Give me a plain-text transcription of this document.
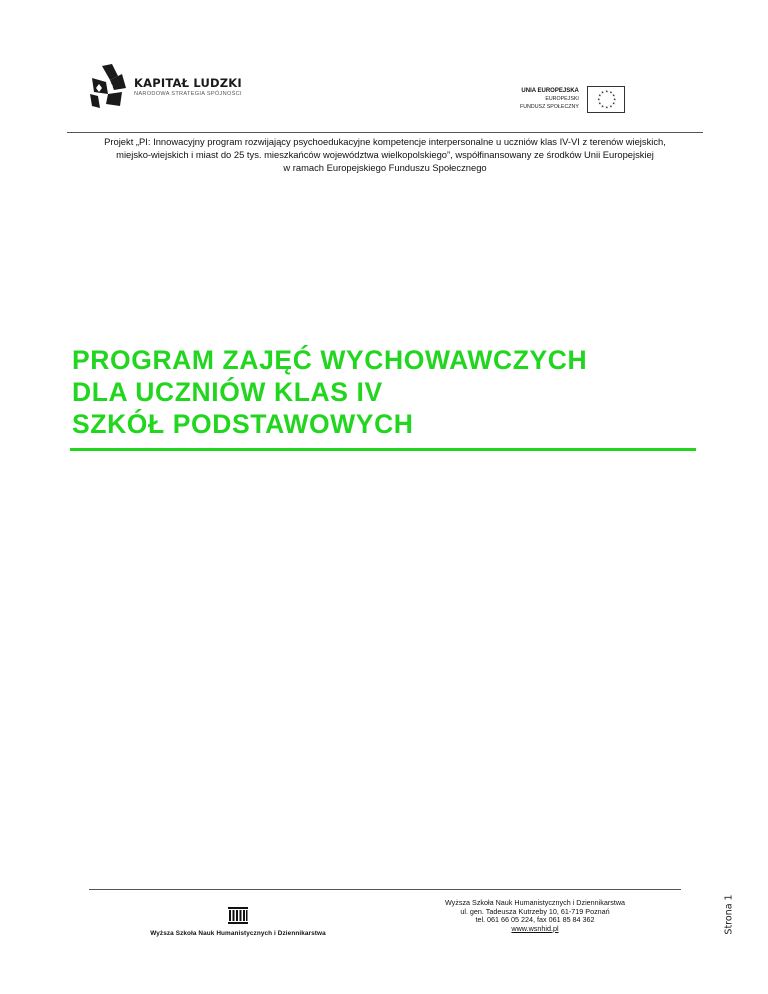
KAPITAŁ LUDZKI
NARODOWA STRATEGIA SPÓJNOŚCI	UNIA EUROPEJSKA
EUROPEJSKI
FUNDUSZ SPOŁECZNY
★ ★
★
★
★
★
★
★
★
★
★
★
Projekt „PI: Innowacyjny program rozwijający psychoedukacyjne kompetencje interpersonalne u uczniów klas IV-VI z terenów wiejskich,
miejsko-wiejskich i miast do 25 tys. mieszkańców województwa wielkopolskiego”, współfinansowany ze środków Unii Europejskiej
w ramach Europejskiego Funduszu Społecznego
PROGRAM ZAJĘĆ WYCHOWAWCZYCH
DLA UCZNIÓW KLAS IV
SZKÓŁ PODSTAWOWYCH
Strona 1
Wyższa Szkoła Nauk Humanistycznych i Dziennikarstwa
Wyższa Szkoła Nauk Humanistycznych i Dziennikarstwa
ul. gen. Tadeusza Kutrzeby 10, 61-719 Poznań
tel. 061 66 05 224, fax 061 85 84 362
www.wsnhid.pl
